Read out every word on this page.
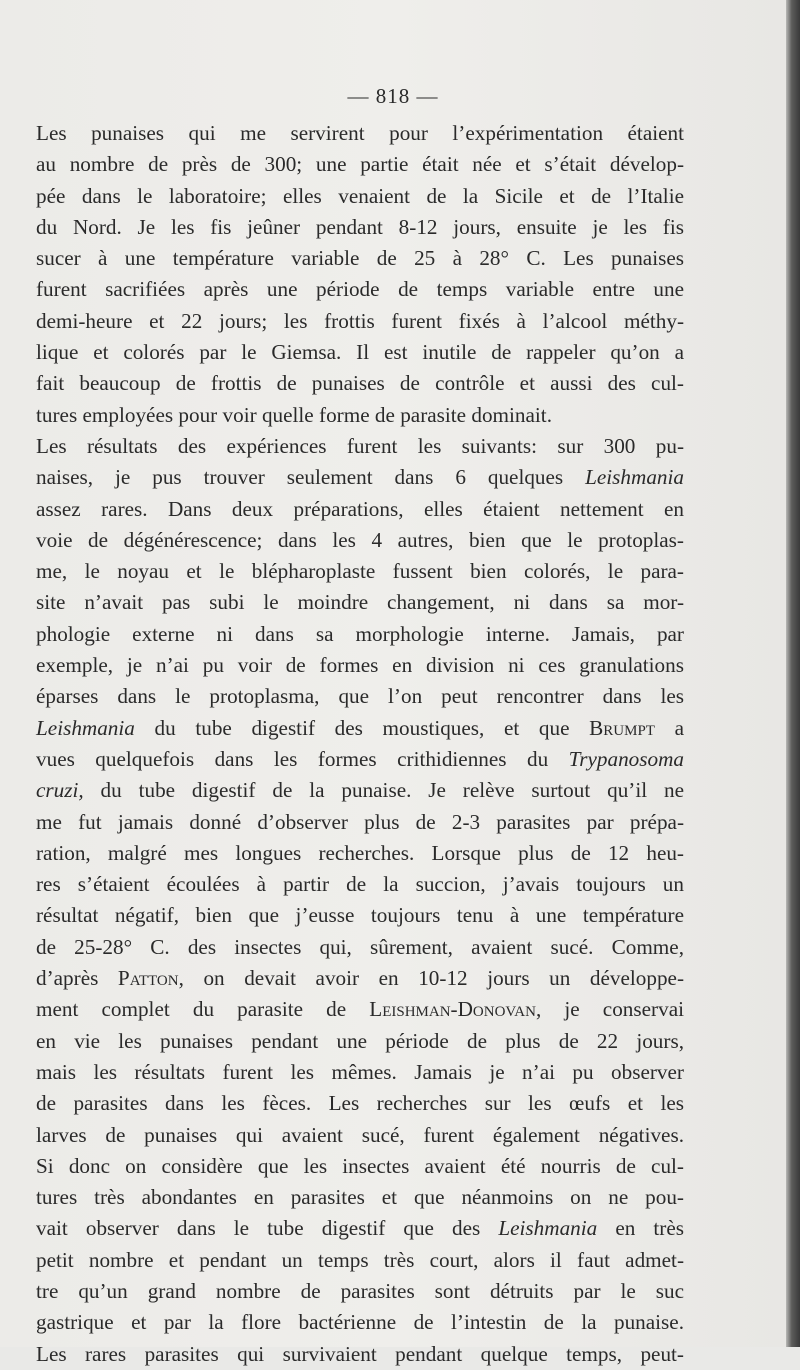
— 818 —
Les punaises qui me servirent pour l’expérimentation étaient
au nombre de près de 300; une partie était née et s’était dévelop-
pée dans le laboratoire; elles venaient de la Sicile et de l’Italie
du Nord. Je les fis jeûner pendant 8-12 jours, ensuite je les fis
sucer à une température variable de 25 à 28° C. Les punaises
furent sacrifiées après une période de temps variable entre une
demi-heure et 22 jours; les frottis furent fixés à l’alcool méthy-
lique et colorés par le Giemsa. Il est inutile de rappeler qu’on a
fait beaucoup de frottis de punaises de contrôle et aussi des cul-
tures employées pour voir quelle forme de parasite dominait.
Les résultats des expériences furent les suivants: sur 300 pu-
naises, je pus trouver seulement dans 6 quelques Leishmania
assez rares. Dans deux préparations, elles étaient nettement en
voie de dégénérescence; dans les 4 autres, bien que le protoplas-
me, le noyau et le blépharoplaste fussent bien colorés, le para-
site n’avait pas subi le moindre changement, ni dans sa mor-
phologie externe ni dans sa morphologie interne. Jamais, par
exemple, je n’ai pu voir de formes en division ni ces granulations
éparses dans le protoplasma, que l’on peut rencontrer dans les
Leishmania du tube digestif des moustiques, et que Brumpt a
vues quelquefois dans les formes crithidiennes du Trypanosoma
cruzi, du tube digestif de la punaise. Je relève surtout qu’il ne
me fut jamais donné d’observer plus de 2-3 parasites par prépa-
ration, malgré mes longues recherches. Lorsque plus de 12 heu-
res s’étaient écoulées à partir de la succion, j’avais toujours un
résultat négatif, bien que j’eusse toujours tenu à une température
de 25-28° C. des insectes qui, sûrement, avaient sucé. Comme,
d’après Patton, on devait avoir en 10-12 jours un développe-
ment complet du parasite de Leishman-Donovan, je conservai
en vie les punaises pendant une période de plus de 22 jours,
mais les résultats furent les mêmes. Jamais je n’ai pu observer
de parasites dans les fèces. Les recherches sur les œufs et les
larves de punaises qui avaient sucé, furent également négatives.
Si donc on considère que les insectes avaient été nourris de cul-
tures très abondantes en parasites et que néanmoins on ne pou-
vait observer dans le tube digestif que des Leishmania en très
petit nombre et pendant un temps très court, alors il faut admet-
tre qu’un grand nombre de parasites sont détruits par le suc
gastrique et par la flore bactérienne de l’intestin de la punaise.
Les rares parasites qui survivaient pendant quelque temps, peut-
